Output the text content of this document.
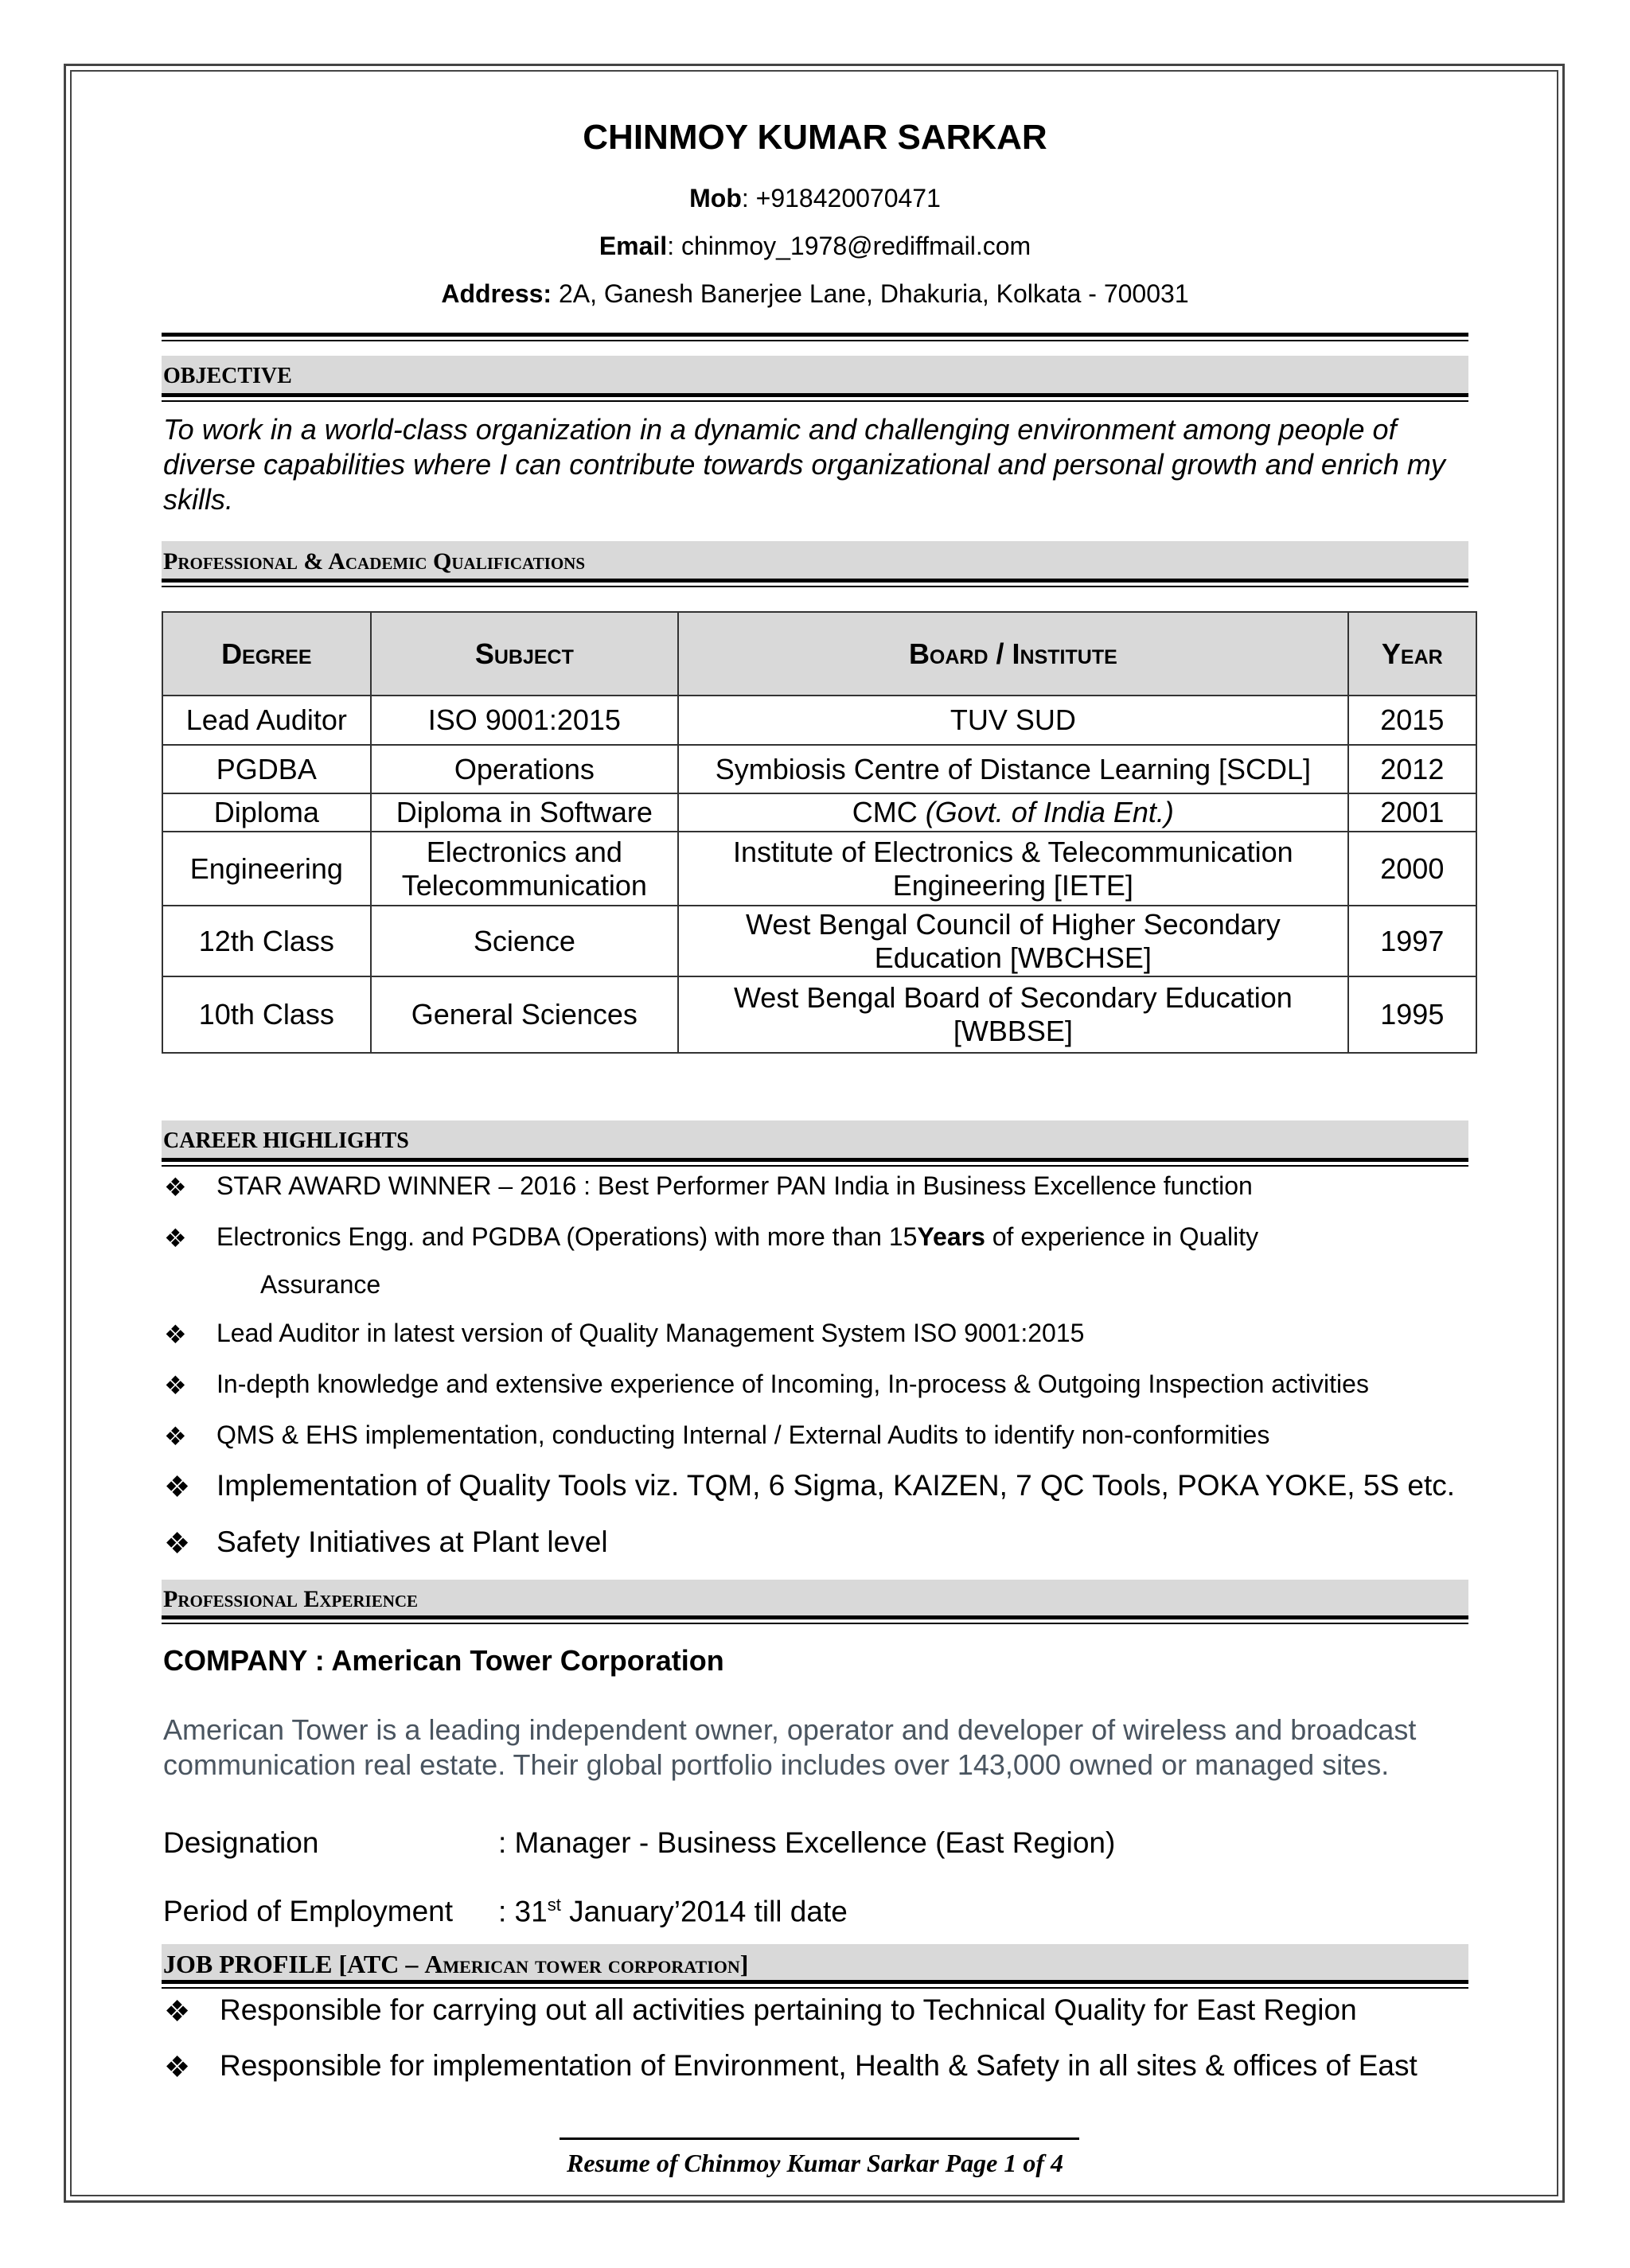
CHINMOY KUMAR SARKAR
Mob: +918420070471
Email: chinmoy_1978@rediffmail.com
Address: 2A, Ganesh Banerjee Lane, Dhakuria, Kolkata - 700031
OBJECTIVE
To work in a world-class organization in a dynamic and challenging environment among people of diverse capabilities where I can contribute towards organizational and personal growth and enrich my skills.
Professional & Academic Qualifications
Degree	Subject	Board / Institute	Year
Lead Auditor	ISO 9001:2015	TUV SUD	2015
PGDBA	Operations	Symbiosis Centre of Distance Learning [SCDL]	2012
Diploma	Diploma in Software	CMC (Govt. of India Ent.)	2001
Engineering	Electronics and Telecommunication	Institute of Electronics & Telecommunication Engineering [IETE]	2000
12th Class	Science	West Bengal Council of Higher Secondary Education [WBCHSE]	1997
10th Class	General Sciences	West Bengal Board of Secondary Education [WBBSE]	1995
CAREER HIGHLIGHTS
❖ STAR AWARD WINNER – 2016 : Best Performer PAN India in Business Excellence function
❖ Electronics Engg. and PGDBA (Operations) with more than 15Years of experience in Quality
Assurance
❖ Lead Auditor in latest version of Quality Management System ISO 9001:2015
❖ In-depth knowledge and extensive experience of Incoming, In-process & Outgoing Inspection activities
❖ QMS & EHS implementation, conducting Internal / External Audits to identify non-conformities
❖ Implementation of Quality Tools viz. TQM, 6 Sigma, KAIZEN, 7 QC Tools, POKA YOKE, 5S etc.
❖ Safety Initiatives at Plant level
Professional Experience
COMPANY : American Tower Corporation
American Tower is a leading independent owner, operator and developer of wireless and broadcast communication real estate. Their global portfolio includes over 143,000 owned or managed sites.
Designation	: Manager - Business Excellence (East Region)
Period of Employment : 31st January’2014 till date
JOB PROFILE [ATC – American tower corporation]
❖ Responsible for carrying out all activities pertaining to Technical Quality for East Region
❖ Responsible for implementation of Environment, Health & Safety in all sites & offices of East
Resume of Chinmoy Kumar Sarkar Page 1 of 4
